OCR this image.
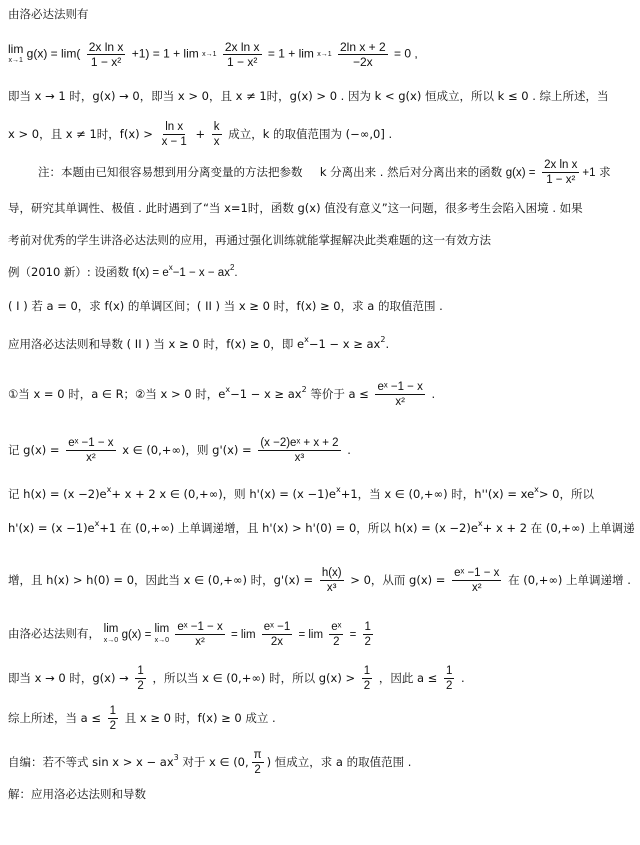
由洛必达法则有
lim
x→1 $g(x) = \lim( \frac{\text{2x ln x}}{\text{1 − x²}} +1) = 1 + \lim x\to 1$
$\frac{\text{2x ln x}}{\text{1 − x²}} = 1 + \lim x\to 1$
$\frac{\text{2ln x + 2}}{-2x} = 0$ ,
即当 x → 1 时，g(x) → 0，即当 x > 0，且 x ≠ 1时，g(x) > 0 . 因为 k < g(x) 恒成立，所以 k ≤ 0 . 综上所述，当
x > 0，且 x ≠ 1时，$f(x) > \frac{\text{ln x}}{x - 1} + \frac{k}{x}$ 成立，k 的取值范围为 (−∞,0] .
注：本题由已知很容易想到用分离变量的方法把参数 k 分离出来 . 然后对分离出来的函数 $g(x) = \frac{\text{2x ln x}}{\text{1 − x²}} +1$ 求
导，研究其单调性、极值 . 此时遇到了“当 x=1时，函数 g(x) 值没有意义”这一问题，很多考生会陷入困境 . 如果
考前对优秀的学生讲洛必达法则的应用，再通过强化训练就能掌握解决此类难题的这一有效方法
例（2010 新）: 设函数 $f(x) = e^x-1 - x - ax^2$.
( I ) 若 a = 0，求 f(x) 的单调区间；( II ) 当 x ≥ 0 时，f(x) ≥ 0，求 a 的取值范围 .
应用洛必达法则和导数 ( II ) 当 x ≥ 0 时，f(x) ≥ 0，即 $e^x-1 - x \ge ax^2$.
①当 x = 0 时，a ∈ R；②当 x > 0 时，$e^x-1 - x \ge ax^2$ 等价于 $a \le \frac{\text{eˣ −1 − x}}{\text{x²}}$ .
记 $g(x) = \frac{\text{eˣ −1 − x}}{\text{x²}}$ x ∈ (0,+∞)，则 $g'(x) = \frac{\text{(x −2)eˣ + x + 2}}{\text{x³}}$ .
记 $h(x) = (x -2)e^x+ x + 2$ x ∈ (0,+∞)，则 $h'(x) = (x -1)e^x+1$，当 x ∈ (0,+∞) 时，$h''(x) = xe^x> 0$，所以
$h'(x) = (x -1)e^x+1$ 在 (0,+∞) 上单调递增，且 h'(x) > h'(0) = 0，所以 $h(x) = (x -2)e^x+ x + 2$ 在 (0,+∞) 上单调递
增，且 h(x) > h(0) = 0，因此当 x ∈ (0,+∞) 时，$g'(x) = \frac{h(x)}{\text{x³}} > 0$，从而 $g(x) = \frac{\text{eˣ −1 − x}}{\text{x²}}$ 在 (0,+∞) 上单调递增 .
由洛必达法则有， lim
x→0 g(x) =
lim
x→0
$\frac{\text{eˣ −1 − x}}{\text{x²}} = \lim \frac{\text{eˣ −1}}{2x} = \lim \frac{\text{eˣ}}{2} = \frac{1}{2}$
即当 x → 0 时，$g(x) \to \frac{1}{2}$ ，所以当 x ∈ (0,+∞) 时，所以 $g(x) > \frac{1}{2}$ ，因此 $a \le \frac{1}{2}$ .
综上所述，当 $a \le \frac{1}{2}$ 且 x ≥ 0 时，f(x) ≥ 0 成立 .
自编：若不等式 $\sin x > x - ax^3$ 对于 x ∈ (0, $\frac{\pi}{2}$ ) 恒成立，求 a 的取值范围 .
解：应用洛必达法则和导数
